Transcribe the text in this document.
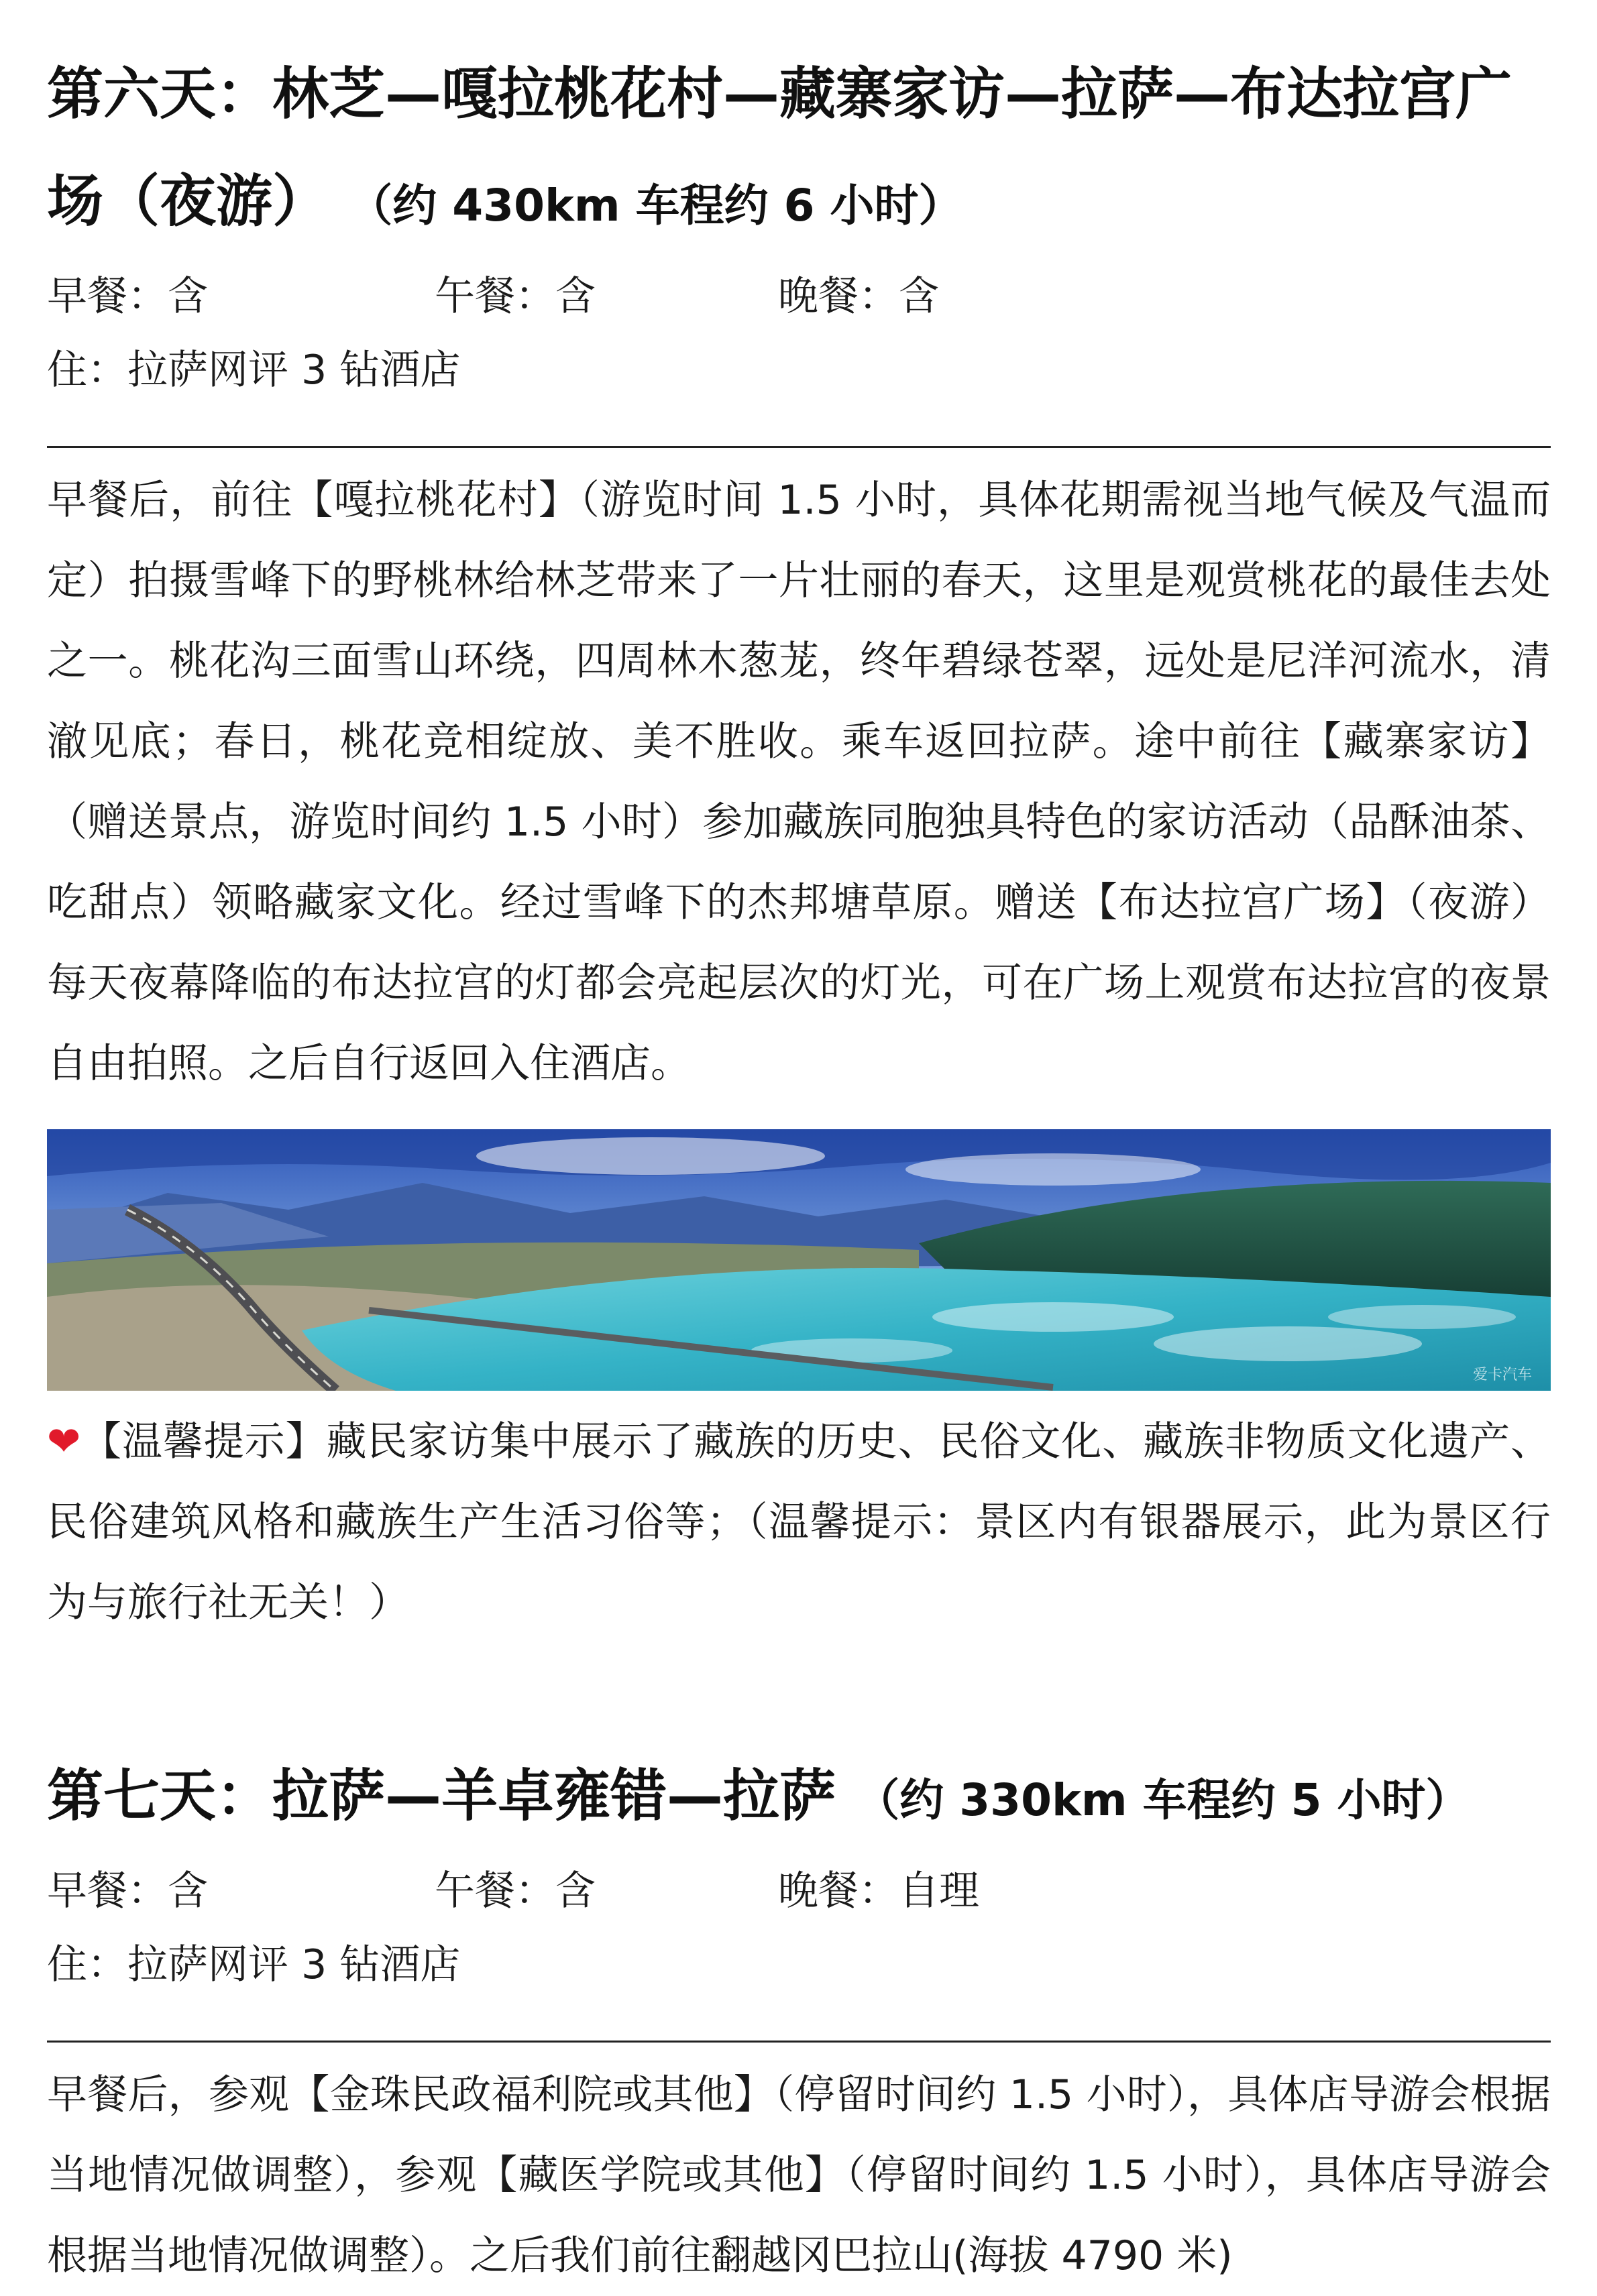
第六天：林芝—嘎拉桃花村—藏寨家访—拉萨—布达拉宫广场（夜游） （约 430km 车程约 6 小时）
早餐：含	午餐：含	晚餐：含
住：拉萨网评 3 钻酒店

早餐后，前往【嘎拉桃花村】（游览时间 1.5 小时，具体花期需视当地气候及气温而定）拍摄雪峰下的野桃林给林芝带来了一片壮丽的春天，这里是观赏桃花的最佳去处之一。桃花沟三面雪山环绕，四周林木葱茏，终年碧绿苍翠，远处是尼洋河流水，清澈见底；春日，桃花竞相绽放、美不胜收。乘车返回拉萨。途中前往【藏寨家访】（赠送景点，游览时间约 1.5 小时）参加藏族同胞独具特色的家访活动（品酥油茶、吃甜点）领略藏家文化。经过雪峰下的杰邦塘草原。赠送【布达拉宫广场】（夜游）每天夜幕降临的布达拉宫的灯都会亮起层次的灯光，可在广场上观赏布达拉宫的夜景自由拍照。之后自行返回入住酒店。

爱卡汽车
❤【温馨提示】藏民家访集中展示了藏族的历史、民俗文化、藏族非物质文化遗产、民俗建筑风格和藏族生产生活习俗等；（温馨提示：景区内有银器展示，此为景区行为与旅行社无关！）
第七天：拉萨—羊卓雍错—拉萨 （约 330km 车程约 5 小时）
早餐：含	午餐：含	晚餐：自理
住：拉萨网评 3 钻酒店

早餐后，参观【金珠民政福利院或其他】（停留时间约 1.5 小时），具体店导游会根据当地情况做调整），参观【藏医学院或其他】（停留时间约 1.5 小时），具体店导游会根据当地情况做调整）。之后我们前往翻越冈巴拉山(海拔 4790 米)
